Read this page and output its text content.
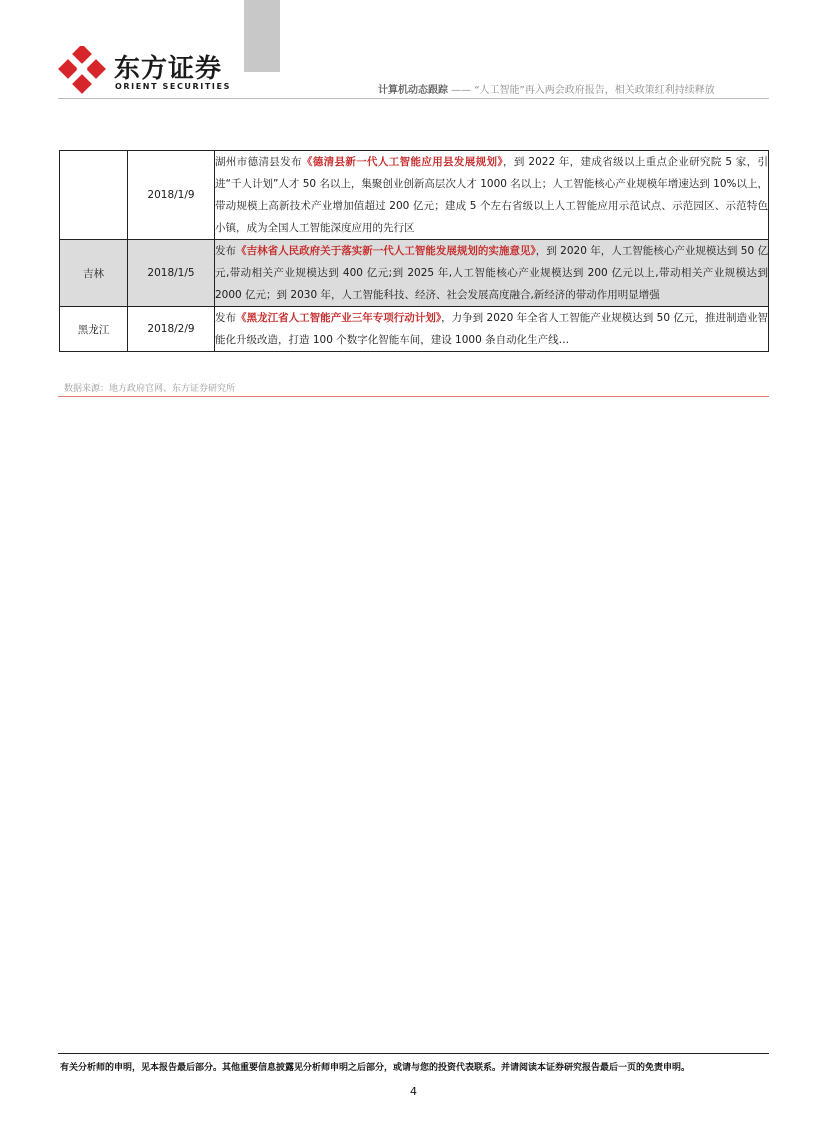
东方证券
ORIENT SECURITIES	计算机动态跟踪 —— “人工智能”再入两会政府报告，相关政策红利持续释放
	2018/1/9	湖州市德清县发布《德清县新一代人工智能应用县发展规划》，到 2022 年，建成省级以上重点企业研究院 5 家，引进“千人计划”人才 50 名以上，集聚创业创新高层次人才 1000 名以上；人工智能核心产业规模年增速达到 10%以上，带动规模上高新技术产业增加值超过 200 亿元；建成 5 个左右省级以上人工智能应用示范试点、示范园区、示范特色小镇，成为全国人工智能深度应用的先行区
吉林	2018/1/5	发布《吉林省人民政府关于落实新一代人工智能发展规划的实施意见》，到 2020 年，人工智能核心产业规模达到 50 亿元,带动相关产业规模达到 400 亿元;到 2025 年,人工智能核心产业规模达到 200 亿元以上,带动相关产业规模达到 2000 亿元；到 2030 年，人工智能科技、经济、社会发展高度融合,新经济的带动作用明显增强
黑龙江	2018/2/9	发布《黑龙江省人工智能产业三年专项行动计划》，力争到 2020 年全省人工智能产业规模达到 50 亿元，推进制造业智能化升级改造，打造 100 个数字化智能车间，建设 1000 条自动化生产线…
数据来源：地方政府官网、东方证券研究所
有关分析师的申明，见本报告最后部分。其他重要信息披露见分析师申明之后部分，或请与您的投资代表联系。并请阅读本证券研究报告最后一页的免责申明。
4
